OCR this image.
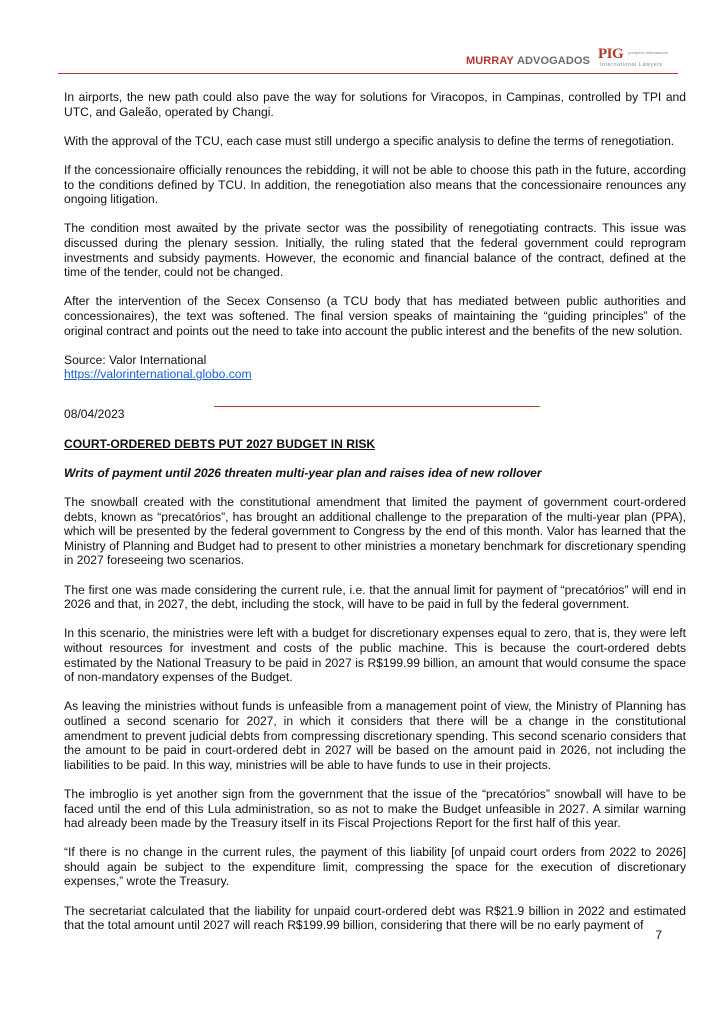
MURRAY ADVOGADOS PIG pomperio international
International Lawyers

In airports, the new path could also pave the way for solutions for Viracopos, in Campinas, controlled by TPI and UTC, and Galeão, operated by Changi.

With the approval of the TCU, each case must still undergo a specific analysis to define the terms of renegotiation.

If the concessionaire officially renounces the rebidding, it will not be able to choose this path in the future, according to the conditions defined by TCU. In addition, the renegotiation also means that the concessionaire renounces any ongoing litigation.

The condition most awaited by the private sector was the possibility of renegotiating contracts. This issue was discussed during the plenary session. Initially, the ruling stated that the federal government could reprogram investments and subsidy payments. However, the economic and financial balance of the contract, defined at the time of the tender, could not be changed.

After the intervention of the Secex Consenso (a TCU body that has mediated between public authorities and concessionaires), the text was softened. The final version speaks of maintaining the “guiding principles” of the original contract and points out the need to take into account the public interest and the benefits of the new solution.

Source: Valor International

https://valorinternational.globo.com

08/04/2023

COURT-ORDERED DEBTS PUT 2027 BUDGET IN RISK

Writs of payment until 2026 threaten multi-year plan and raises idea of new rollover

The snowball created with the constitutional amendment that limited the payment of government court-ordered debts, known as “precatórios”, has brought an additional challenge to the preparation of the multi-year plan (PPA), which will be presented by the federal government to Congress by the end of this month. Valor has learned that the Ministry of Planning and Budget had to present to other ministries a monetary benchmark for discretionary spending in 2027 foreseeing two scenarios.

The first one was made considering the current rule, i.e. that the annual limit for payment of “precatórios” will end in 2026 and that, in 2027, the debt, including the stock, will have to be paid in full by the federal government.

In this scenario, the ministries were left with a budget for discretionary expenses equal to zero, that is, they were left without resources for investment and costs of the public machine. This is because the court-ordered debts estimated by the National Treasury to be paid in 2027 is R$199.99 billion, an amount that would consume the space of non-mandatory expenses of the Budget.

As leaving the ministries without funds is unfeasible from a management point of view, the Ministry of Planning has outlined a second scenario for 2027, in which it considers that there will be a change in the constitutional amendment to prevent judicial debts from compressing discretionary spending. This second scenario considers that the amount to be paid in court-ordered debt in 2027 will be based on the amount paid in 2026, not including the liabilities to be paid. In this way, ministries will be able to have funds to use in their projects.

The imbroglio is yet another sign from the government that the issue of the “precatórios” snowball will have to be faced until the end of this Lula administration, so as not to make the Budget unfeasible in 2027. A similar warning had already been made by the Treasury itself in its Fiscal Projections Report for the first half of this year.

“If there is no change in the current rules, the payment of this liability [of unpaid court orders from 2022 to 2026] should again be subject to the expenditure limit, compressing the space for the execution of discretionary expenses,” wrote the Treasury.

The secretariat calculated that the liability for unpaid court-ordered debt was R$21.9 billion in 2022 and estimated that the total amount until 2027 will reach R$199.99 billion, considering that there will be no early payment of

7
